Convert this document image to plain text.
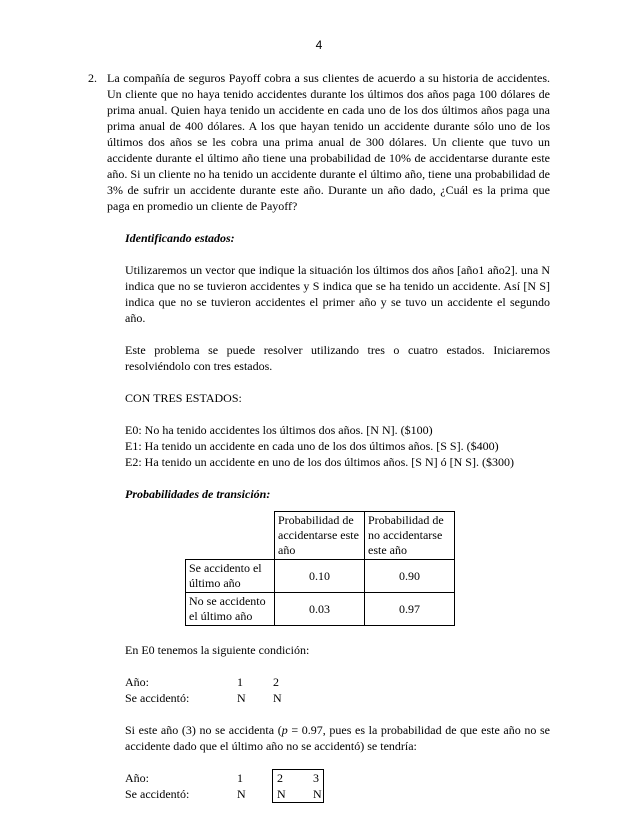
4
2. La compañía de seguros Payoff cobra a sus clientes de acuerdo a su historia de accidentes. Un cliente que no haya tenido accidentes durante los últimos dos años paga 100 dólares de prima anual. Quien haya tenido un accidente en cada uno de los dos últimos años paga una prima anual de 400 dólares. A los que hayan tenido un accidente durante sólo uno de los últimos dos años se les cobra una prima anual de 300 dólares. Un cliente que tuvo un accidente durante el último año tiene una probabilidad de 10% de accidentarse durante este año. Si un cliente no ha tenido un accidente durante el último año, tiene una probabilidad de 3% de sufrir un accidente durante este año. Durante un año dado, ¿Cuál es la prima que paga en promedio un cliente de Payoff?

Identificando estados:

Utilizaremos un vector que indique la situación los últimos dos años [año1 año2]. una N indica que no se tuvieron accidentes y S indica que se ha tenido un accidente. Así [N S] indica que no se tuvieron accidentes el primer año y se tuvo un accidente el segundo año.

Este problema se puede resolver utilizando tres o cuatro estados. Iniciaremos resolviéndolo con tres estados.

CON TRES ESTADOS:

E0: No ha tenido accidentes los últimos dos años. [N N]. ($100)
E1: Ha tenido un accidente en cada uno de los dos últimos años. [S S]. ($400)
E2: Ha tenido un accidente en uno de los dos últimos años. [S N] ó [N S]. ($300)

Probabilidades de transición:

	Probabilidad de accidentarse este año	Probabilidad de no accidentarse este año
Se accidento el último año	0.10	0.90
No se accidento el último año	0.03	0.97

En E0 tenemos la siguiente condición:

Año:	1	2
Se accidentó:	N	N

Si este año (3) no se accidenta (p = 0.97, pues es la probabilidad de que este año no se accidente dado que el último año no se accidentó) se tendría:

Año:	1	2	3
Se accidentó:	N	N	N
